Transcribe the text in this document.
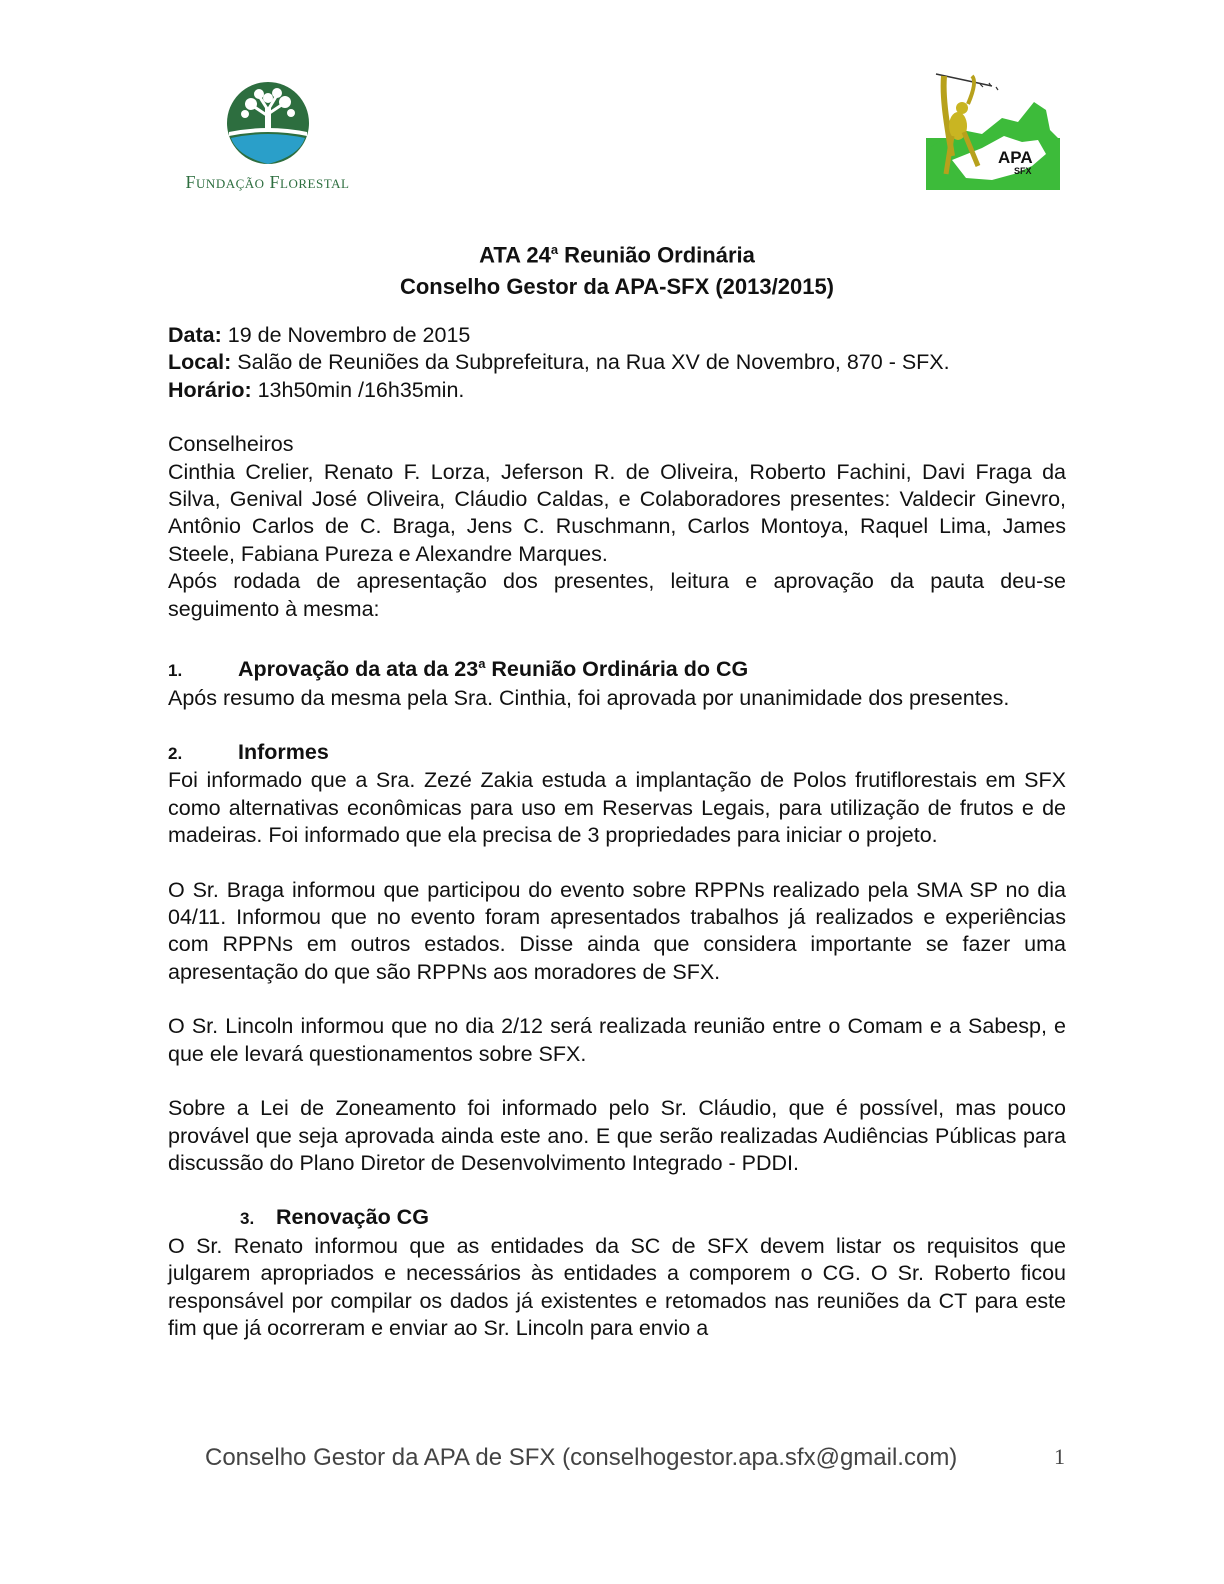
Fundação Florestal
APA
SFX
ATA 24$^a$ Reunião Ordinária
Conselho Gestor da APA-SFX (2013/2015)

Data: 19 de Novembro de 2015

Local: Salão de Reuniões da Subprefeitura, na Rua XV de Novembro, 870 - SFX.

Horário: 13h50min /16h35min.

Conselheiros

Cinthia Crelier, Renato F. Lorza, Jeferson R. de Oliveira, Roberto Fachini, Davi Fraga da Silva, Genival José Oliveira, Cláudio Caldas, e Colaboradores presentes: Valdecir Ginevro, Antônio Carlos de C. Braga, Jens C. Ruschmann, Carlos Montoya, Raquel Lima, James Steele, Fabiana Pureza e Alexandre Marques.

Após rodada de apresentação dos presentes, leitura e aprovação da pauta deu-se seguimento à mesma:

1.	Aprovação da ata da 23$^a$ Reunião Ordinária do CG

Após resumo da mesma pela Sra. Cinthia, foi aprovada por unanimidade dos presentes.

2.	Informes

Foi informado que a Sra. Zezé Zakia estuda a implantação de Polos frutiflorestais em SFX como alternativas econômicas para uso em Reservas Legais, para utilização de frutos e de madeiras. Foi informado que ela precisa de 3 propriedades para iniciar o projeto.

O Sr. Braga informou que participou do evento sobre RPPNs realizado pela SMA SP no dia 04/11. Informou que no evento foram apresentados trabalhos já realizados e experiências com RPPNs em outros estados. Disse ainda que considera importante se fazer uma apresentação do que são RPPNs aos moradores de SFX.

O Sr. Lincoln informou que no dia 2/12 será realizada reunião entre o Comam e a Sabesp, e que ele levará questionamentos sobre SFX.

Sobre a Lei de Zoneamento foi informado pelo Sr. Cláudio, que é possível, mas pouco provável que seja aprovada ainda este ano. E que serão realizadas Audiências Públicas para discussão do Plano Diretor de Desenvolvimento Integrado - PDDI.

3. Renovação CG

O Sr. Renato informou que as entidades da SC de SFX devem listar os requisitos que julgarem apropriados e necessários às entidades a comporem o CG. O Sr. Roberto ficou responsável por compilar os dados já existentes e retomados nas reuniões da CT para este fim que já ocorreram e enviar ao Sr. Lincoln para envio a

Conselho Gestor da APA de SFX (conselhogestor.apa.sfx@gmail.com)	1
